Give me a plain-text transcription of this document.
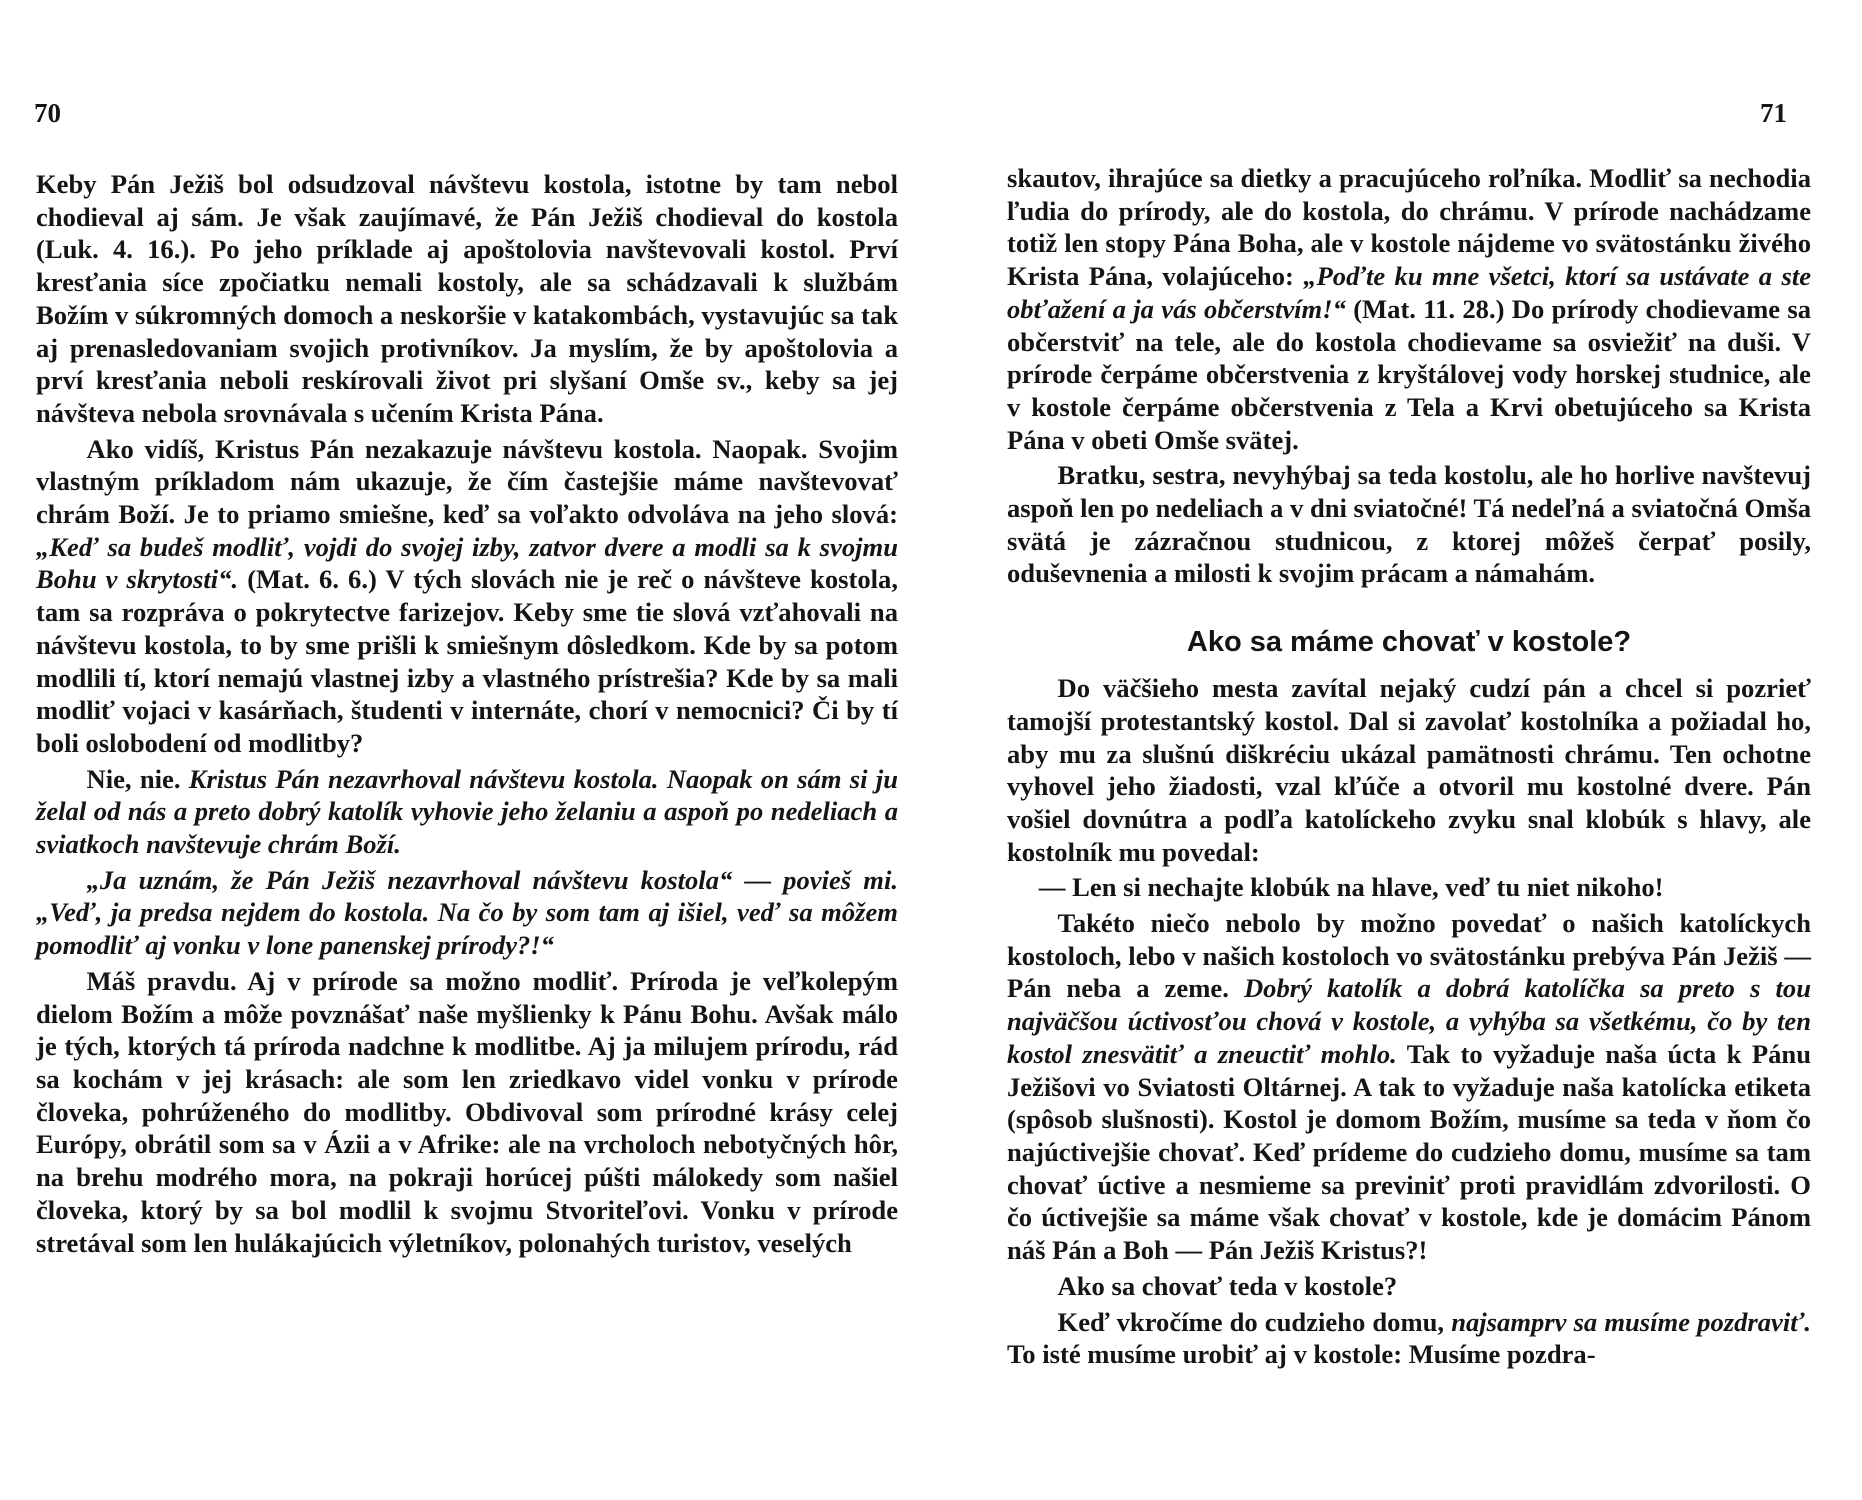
70

Keby Pán Ježiš bol odsudzoval návštevu kostola, istotne by tam nebol chodieval aj sám. Je však zaujímavé, že Pán Ježiš chodieval do kostola (Luk. 4. 16.). Po jeho príklade aj apoštolovia navštevovali kostol. Prví kresťania síce zpočiatku nemali kostoly, ale sa schádzavali k službám Božím v súkromných domoch a neskoršie v katakombách, vystavujúc sa tak aj prenasledovaniam svojich protivníkov. Ja myslím, že by apoštolovia a prví kresťania neboli reskírovali život pri slyšaní Omše sv., keby sa jej návšteva nebola srovnávala s učením Krista Pána.

Ako vidíš, Kristus Pán nezakazuje návštevu kostola. Naopak. Svojim vlastným príkladom nám ukazuje, že čím častejšie máme navštevovať chrám Boží. Je to priamo smiešne, keď sa voľakto odvoláva na jeho slová: „Keď sa budeš modliť, vojdi do svojej izby, zatvor dvere a modli sa k svojmu Bohu v skrytosti“. (Mat. 6. 6.) V tých slovách nie je reč o návšteve kostola, tam sa rozpráva o pokrytectve farizejov. Keby sme tie slová vzťahovali na návštevu kostola, to by sme prišli k smiešnym dôsledkom. Kde by sa potom modlili tí, ktorí nemajú vlastnej izby a vlastného prístrešia? Kde by sa mali modliť vojaci v kasárňach, študenti v internáte, chorí v nemocnici? Či by tí boli oslobodení od modlitby?

Nie, nie. Kristus Pán nezavrhoval návštevu kostola. Naopak on sám si ju želal od nás a preto dobrý katolík vyhovie jeho želaniu a aspoň po nedeliach a sviatkoch navštevuje chrám Boží.

„Ja uznám, že Pán Ježiš nezavrhoval návštevu kostola“ — povieš mi. „Veď, ja predsa nejdem do kostola. Na čo by som tam aj išiel, veď sa môžem pomodliť aj vonku v lone panenskej prírody?!“

Máš pravdu. Aj v prírode sa možno modliť. Príroda je veľkolepým dielom Božím a môže povznášať naše myšlienky k Pánu Bohu. Avšak málo je tých, ktorých tá príroda nadchne k modlitbe. Aj ja milujem prírodu, rád sa kochám v jej krásach: ale som len zriedkavo videl vonku v prírode človeka, pohrúženého do modlitby. Obdivoval som prírodné krásy celej Európy, obrátil som sa v Ázii a v Afrike: ale na vrcholoch nebotyčných hôr, na brehu modrého mora, na pokraji horúcej púšti málokedy som našiel človeka, ktorý by sa bol modlil k svojmu Stvoriteľovi. Vonku v prírode stretával som len hulákajúcich výletníkov, polonahých turistov, veselých

71

skautov, ihrajúce sa dietky a pracujúceho roľníka. Modliť sa nechodia ľudia do prírody, ale do kostola, do chrámu. V prírode nachádzame totiž len stopy Pána Boha, ale v kostole nájdeme vo svätostánku živého Krista Pána, volajúceho: „Poďte ku mne všetci, ktorí sa ustávate a ste obťažení a ja vás občerstvím!“ (Mat. 11. 28.) Do prírody chodievame sa občerstviť na tele, ale do kostola chodievame sa osviežiť na duši. V prírode čerpáme občerstvenia z kryštálovej vody horskej studnice, ale v kostole čerpáme občerstvenia z Tela a Krvi obetujúceho sa Krista Pána v obeti Omše svätej.

Bratku, sestra, nevyhýbaj sa teda kostolu, ale ho horlive navštevuj aspoň len po nedeliach a v dni sviatočné! Tá nedeľná a sviatočná Omša svätá je zázračnou studnicou, z ktorej môžeš čerpať posily, oduševnenia a milosti k svojim prácam a námahám.

Ako sa máme chovať v kostole?

Do väčšieho mesta zavítal nejaký cudzí pán a chcel si pozrieť tamojší protestantský kostol. Dal si zavolať kostolníka a požiadal ho, aby mu za slušnú diškréciu ukázal pamätnosti chrámu. Ten ochotne vyhovel jeho žiadosti, vzal kľúče a otvoril mu kostolné dvere. Pán vošiel dovnútra a podľa katolíckeho zvyku snal klobúk s hlavy, ale kostolník mu povedal:

— Len si nechajte klobúk na hlave, veď tu niet nikoho!

Takéto niečo nebolo by možno povedať o našich katolíckych kostoloch, lebo v našich kostoloch vo svätostánku prebýva Pán Ježiš — Pán neba a zeme. Dobrý katolík a dobrá katolíčka sa preto s tou najväčšou úctivosťou chová v kostole, a vyhýba sa všetkému, čo by ten kostol znesvätiť a zneuctiť mohlo. Tak to vyžaduje naša úcta k Pánu Ježišovi vo Sviatosti Oltárnej. A tak to vyžaduje naša katolícka etiketa (spôsob slušnosti). Kostol je domom Božím, musíme sa teda v ňom čo najúctivejšie chovať. Keď prídeme do cudzieho domu, musíme sa tam chovať úctive a nesmieme sa previniť proti pravidlám zdvorilosti. O čo úctivejšie sa máme však chovať v kostole, kde je domácim Pánom náš Pán a Boh — Pán Ježiš Kristus?!

Ako sa chovať teda v kostole?

Keď vkročíme do cudzieho domu, najsamprv sa musíme pozdraviť. To isté musíme urobiť aj v kostole: Musíme pozdra-
